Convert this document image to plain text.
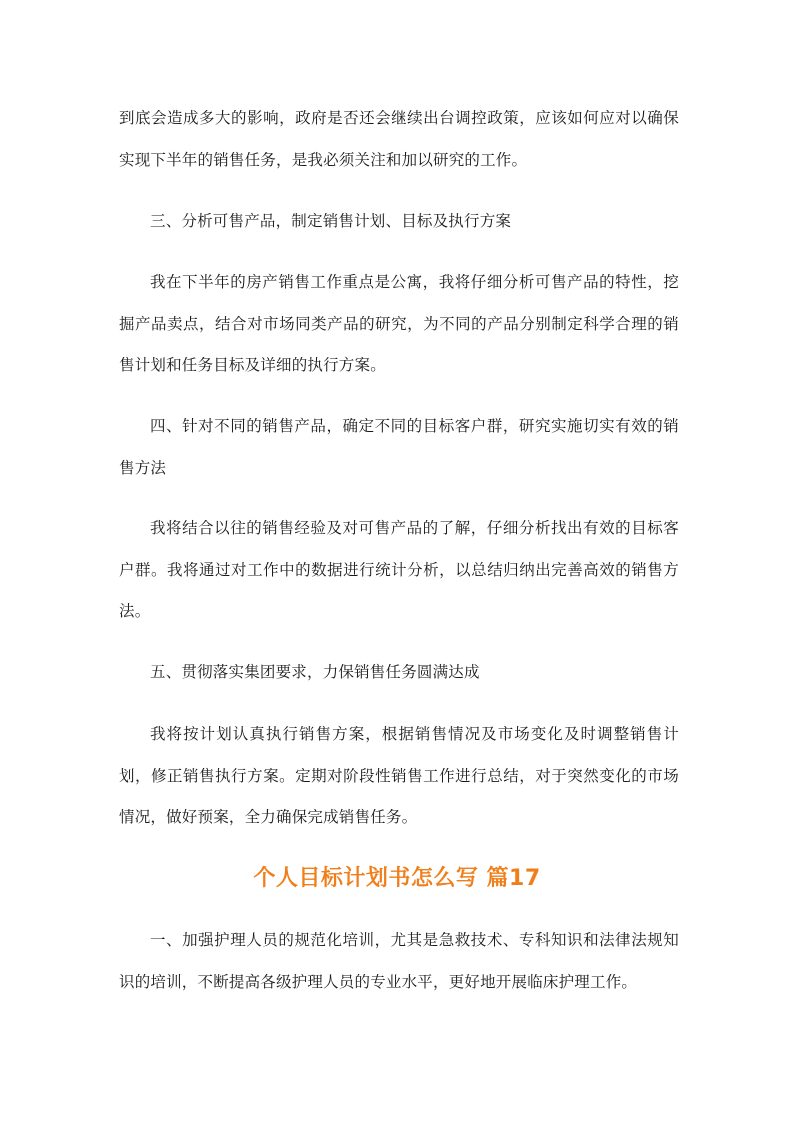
到底会造成多大的影响，政府是否还会继续出台调控政策，应该如何应对以确保实现下半年的销售任务，是我必须关注和加以研究的工作。

三、分析可售产品，制定销售计划、目标及执行方案

我在下半年的房产销售工作重点是公寓，我将仔细分析可售产品的特性，挖掘产品卖点，结合对市场同类产品的研究，为不同的产品分别制定科学合理的销售计划和任务目标及详细的执行方案。

四、针对不同的销售产品，确定不同的目标客户群，研究实施切实有效的销售方法

我将结合以往的销售经验及对可售产品的了解，仔细分析找出有效的目标客户群。我将通过对工作中的数据进行统计分析，以总结归纳出完善高效的销售方法。

五、贯彻落实集团要求，力保销售任务圆满达成

我将按计划认真执行销售方案，根据销售情况及市场变化及时调整销售计划，修正销售执行方案。定期对阶段性销售工作进行总结，对于突然变化的市场情况，做好预案，全力确保完成销售任务。

个人目标计划书怎么写 篇17

一、加强护理人员的规范化培训，尤其是急救技术、专科知识和法律法规知识的培训，不断提高各级护理人员的专业水平，更好地开展临床护理工作。
